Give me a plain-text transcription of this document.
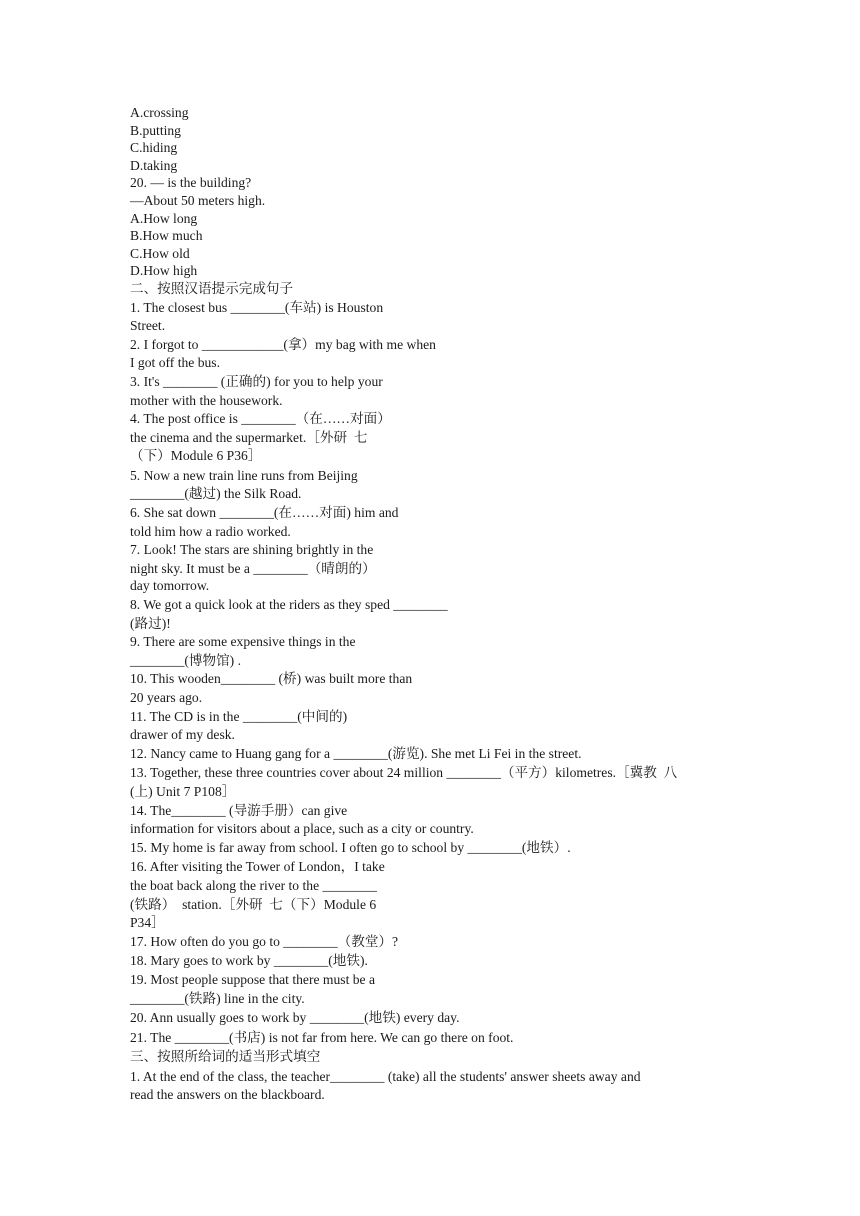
A.crossing
B.putting
C.hiding
D.taking
20. — is the building?
—About 50 meters high.
A.How long
B.How much
C.How old
D.How high
二、按照汉语提示完成句子
1. The closest bus ________(车站) is Houston
Street.
2. I forgot to ____________(拿）my bag with me when
I got off the bus.
3. It's ________ (正确的) for you to help your
mother with the housework.
4. The post office is ________（在……对面）
the cinema and the supermarket.［外研  七
（下）Module 6 P36］
5. Now a new train line runs from Beijing
________(越过) the Silk Road.
6. She sat down ________(在……对面) him and
told him how a radio worked.
7. Look! The stars are shining brightly in the
night sky. It must be a ________（晴朗的）
day tomorrow.
8. We got a quick look at the riders as they sped ________
(路过)!
9. There are some expensive things in the
________(博物馆) .
10. This wooden________ (桥) was built more than
20 years ago.
11. The CD is in the ________(中间的)
drawer of my desk.
12. Nancy came to Huang gang for a ________(游览). She met Li Fei in the street.
13. Together, these three countries cover about 24 million ________（平方）kilometres.［冀教  八
(上) Unit 7 P108］
14. The________ (导游手册）can give
information for visitors about a place, such as a city or country.
15. My home is far away from school. I often go to school by ________(地铁）.
16. After visiting the Tower of London，I take
the boat back along the river to the ________
(铁路）  station.［外研  七（下）Module 6
P34］
17. How often do you go to ________（教堂）?
18. Mary goes to work by ________(地铁).
19. Most people suppose that there must be a
________(铁路) line in the city.
20. Ann usually goes to work by ________(地铁) every day.
21. The ________(书店) is not far from here. We can go there on foot.
三、按照所给词的适当形式填空
1. At the end of the class, the teacher________ (take) all the students' answer sheets away and
read the answers on the blackboard.
